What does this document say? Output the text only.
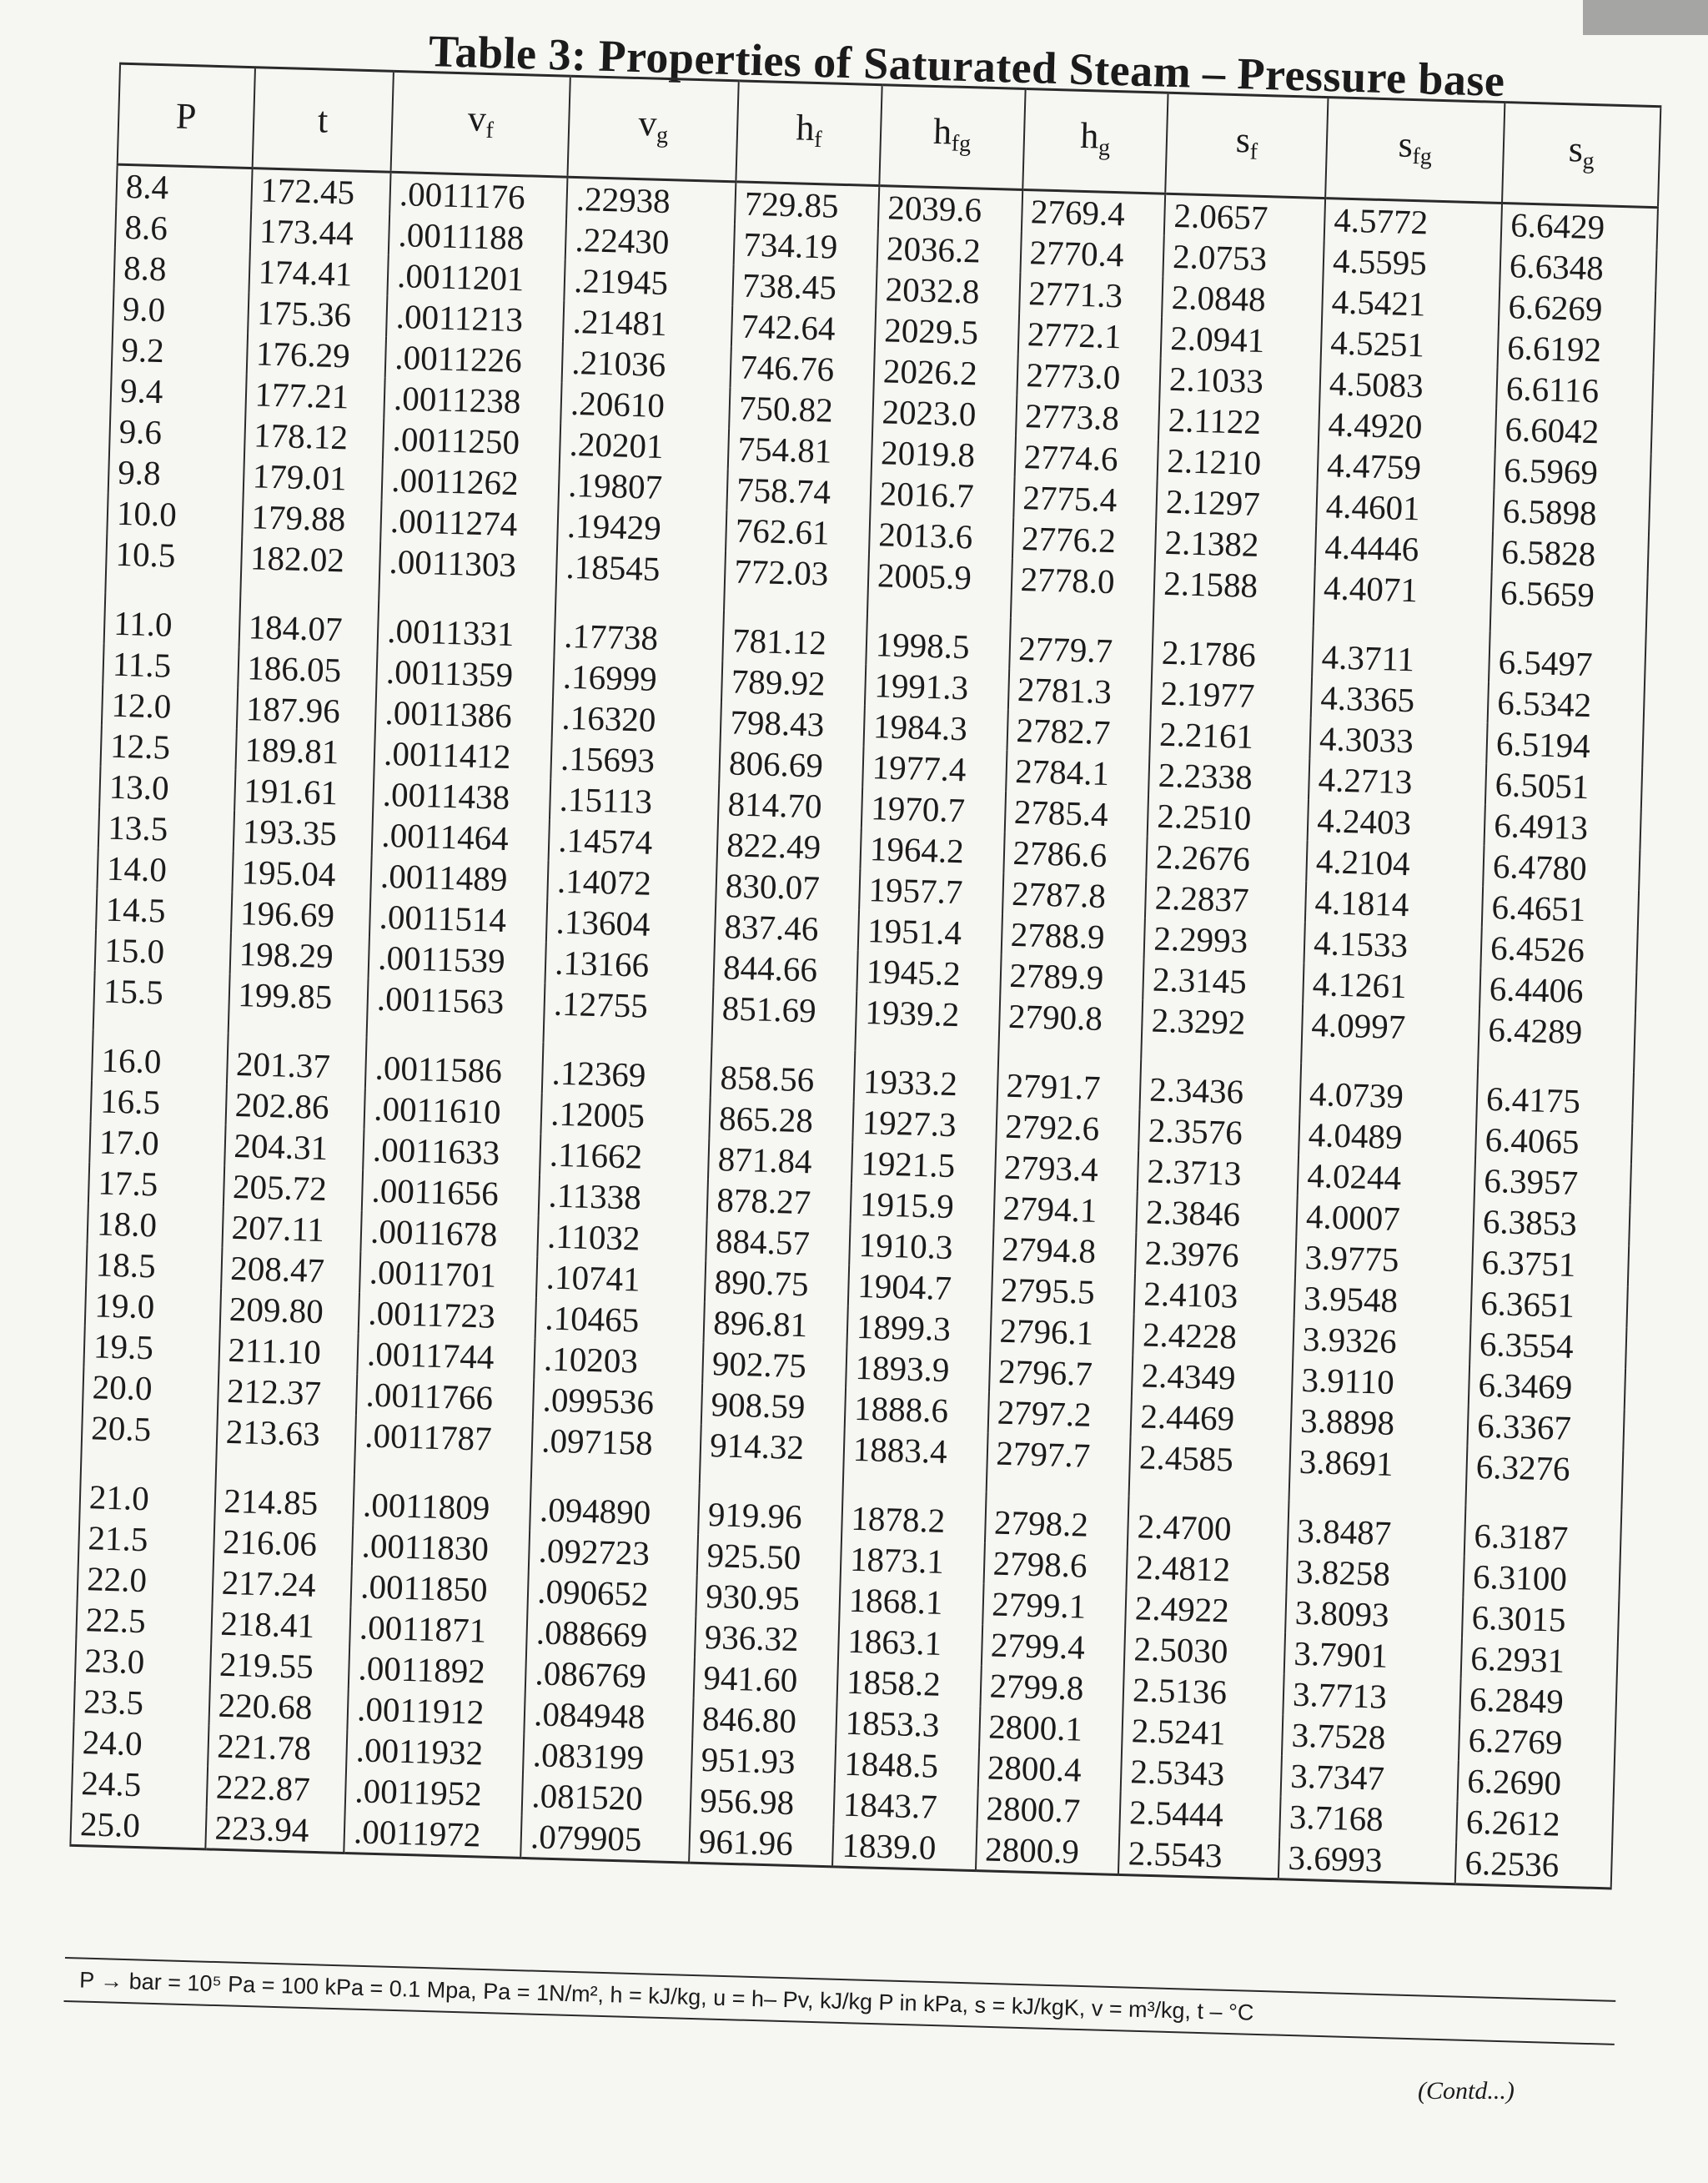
Table 3: Properties of Saturated Steam – Pressure base
P	t	$v_f$	$v_g$	$h_f$	$h_{fg}$	$h_g$	$s_f$	$s_{fg}$	$s_g$
8.4	172.45	.0011176	.22938	729.85	2039.6	2769.4	2.0657	4.5772	6.6429
8.6	173.44	.0011188	.22430	734.19	2036.2	2770.4	2.0753	4.5595	6.6348
8.8	174.41	.0011201	.21945	738.45	2032.8	2771.3	2.0848	4.5421	6.6269
9.0	175.36	.0011213	.21481	742.64	2029.5	2772.1	2.0941	4.5251	6.6192
9.2	176.29	.0011226	.21036	746.76	2026.2	2773.0	2.1033	4.5083	6.6116
9.4	177.21	.0011238	.20610	750.82	2023.0	2773.8	2.1122	4.4920	6.6042
9.6	178.12	.0011250	.20201	754.81	2019.8	2774.6	2.1210	4.4759	6.5969
9.8	179.01	.0011262	.19807	758.74	2016.7	2775.4	2.1297	4.4601	6.5898
10.0	179.88	.0011274	.19429	762.61	2013.6	2776.2	2.1382	4.4446	6.5828
10.5	182.02	.0011303	.18545	772.03	2005.9	2778.0	2.1588	4.4071	6.5659
11.0	184.07	.0011331	.17738	781.12	1998.5	2779.7	2.1786	4.3711	6.5497
11.5	186.05	.0011359	.16999	789.92	1991.3	2781.3	2.1977	4.3365	6.5342
12.0	187.96	.0011386	.16320	798.43	1984.3	2782.7	2.2161	4.3033	6.5194
12.5	189.81	.0011412	.15693	806.69	1977.4	2784.1	2.2338	4.2713	6.5051
13.0	191.61	.0011438	.15113	814.70	1970.7	2785.4	2.2510	4.2403	6.4913
13.5	193.35	.0011464	.14574	822.49	1964.2	2786.6	2.2676	4.2104	6.4780
14.0	195.04	.0011489	.14072	830.07	1957.7	2787.8	2.2837	4.1814	6.4651
14.5	196.69	.0011514	.13604	837.46	1951.4	2788.9	2.2993	4.1533	6.4526
15.0	198.29	.0011539	.13166	844.66	1945.2	2789.9	2.3145	4.1261	6.4406
15.5	199.85	.0011563	.12755	851.69	1939.2	2790.8	2.3292	4.0997	6.4289
16.0	201.37	.0011586	.12369	858.56	1933.2	2791.7	2.3436	4.0739	6.4175
16.5	202.86	.0011610	.12005	865.28	1927.3	2792.6	2.3576	4.0489	6.4065
17.0	204.31	.0011633	.11662	871.84	1921.5	2793.4	2.3713	4.0244	6.3957
17.5	205.72	.0011656	.11338	878.27	1915.9	2794.1	2.3846	4.0007	6.3853
18.0	207.11	.0011678	.11032	884.57	1910.3	2794.8	2.3976	3.9775	6.3751
18.5	208.47	.0011701	.10741	890.75	1904.7	2795.5	2.4103	3.9548	6.3651
19.0	209.80	.0011723	.10465	896.81	1899.3	2796.1	2.4228	3.9326	6.3554
19.5	211.10	.0011744	.10203	902.75	1893.9	2796.7	2.4349	3.9110	6.3469
20.0	212.37	.0011766	.099536	908.59	1888.6	2797.2	2.4469	3.8898	6.3367
20.5	213.63	.0011787	.097158	914.32	1883.4	2797.7	2.4585	3.8691	6.3276
21.0	214.85	.0011809	.094890	919.96	1878.2	2798.2	2.4700	3.8487	6.3187
21.5	216.06	.0011830	.092723	925.50	1873.1	2798.6	2.4812	3.8258	6.3100
22.0	217.24	.0011850	.090652	930.95	1868.1	2799.1	2.4922	3.8093	6.3015
22.5	218.41	.0011871	.088669	936.32	1863.1	2799.4	2.5030	3.7901	6.2931
23.0	219.55	.0011892	.086769	941.60	1858.2	2799.8	2.5136	3.7713	6.2849
23.5	220.68	.0011912	.084948	846.80	1853.3	2800.1	2.5241	3.7528	6.2769
24.0	221.78	.0011932	.083199	951.93	1848.5	2800.4	2.5343	3.7347	6.2690
24.5	222.87	.0011952	.081520	956.98	1843.7	2800.7	2.5444	3.7168	6.2612
25.0	223.94	.0011972	.079905	961.96	1839.0	2800.9	2.5543	3.6993	6.2536
P → bar = 10⁵ Pa = 100 kPa = 0.1 Mpa, Pa = 1N/m², h = kJ/kg, u = h– Pv, kJ/kg P in kPa, s = kJ/kgK, v = m³/kg, t – °C
(Contd...)
